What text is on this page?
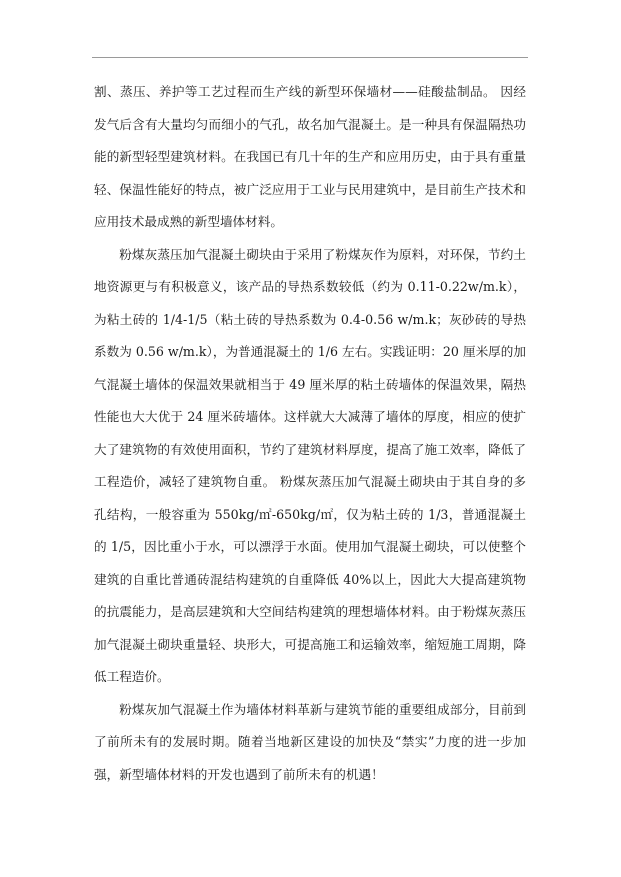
割、蒸压、养护等工艺过程而生产线的新型环保墙材——硅酸盐制品。 因经发气后含有大量均匀而细小的气孔，故名加气混凝土。是一种具有保温隔热功能的新型轻型建筑材料。在我国已有几十年的生产和应用历史，由于具有重量轻、保温性能好的特点，被广泛应用于工业与民用建筑中，是目前生产技术和应用技术最成熟的新型墙体材料。

粉煤灰蒸压加气混凝土砌块由于采用了粉煤灰作为原料，对环保，节约土地资源更与有积极意义，该产品的导热系数较低（约为 0.11-0.22w/m.k），为粘土砖的 1/4-1/5（粘土砖的导热系数为 0.4-0.56 w/m.k；灰砂砖的导热系数为 0.56 w/m.k），为普通混凝土的 1/6 左右。实践证明：20 厘米厚的加气混凝土墙体的保温效果就相当于 49 厘米厚的粘土砖墙体的保温效果，隔热性能也大大优于 24 厘米砖墙体。这样就大大减薄了墙体的厚度，相应的使扩大了建筑物的有效使用面积，节约了建筑材料厚度，提高了施工效率，降低了工程造价，减轻了建筑物自重。 粉煤灰蒸压加气混凝土砌块由于其自身的多孔结构，一般容重为 550kg/㎡-650kg/㎡，仅为粘土砖的 1/3，普通混凝土的 1/5，因比重小于水，可以漂浮于水面。使用加气混凝土砌块，可以使整个建筑的自重比普通砖混结构建筑的自重降低 40%以上，因此大大提高建筑物的抗震能力，是高层建筑和大空间结构建筑的理想墙体材料。由于粉煤灰蒸压加气混凝土砌块重量轻、块形大，可提高施工和运输效率，缩短施工周期，降低工程造价。

粉煤灰加气混凝土作为墙体材料革新与建筑节能的重要组成部分，目前到了前所未有的发展时期。随着当地新区建设的加快及“禁实”力度的进一步加强，新型墙体材料的开发也遇到了前所未有的机遇！
